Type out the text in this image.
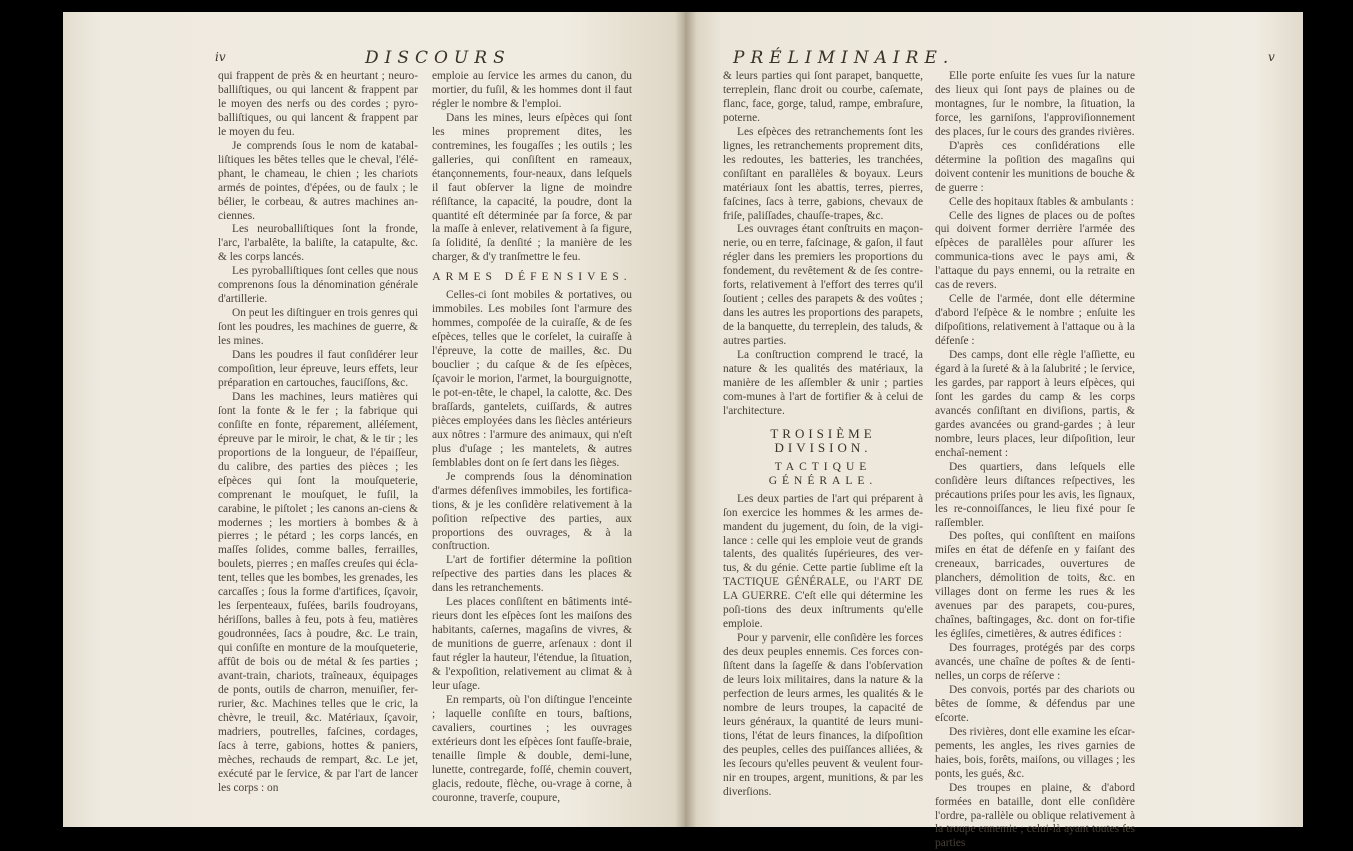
iv	DISCOURS

qui frappent de près & en heurtant ; neuro-balliſtiques, ou qui lancent & frappent par le moyen des nerfs ou des cordes ; pyro-balliſtiques, ou qui lancent & frappent par le moyen du feu.

Je comprends ſous le nom de katabal-liſtiques les bêtes telles que le cheval, l'élé-phant, le chameau, le chien ; les chariots armés de pointes, d'épées, ou de faulx ; le bélier, le corbeau, & autres machines an-ciennes.

Les neuroballiſtiques ſont la fronde, l'arc, l'arbalête, la baliſte, la catapulte, &c. & les corps lancés.

Les pyroballiſtiques ſont celles que nous comprenons ſous la dénomination générale d'artillerie.

On peut les diſtinguer en trois genres qui ſont les poudres, les machines de guerre, & les mines.

Dans les poudres il faut conſidérer leur compoſition, leur épreuve, leurs effets, leur préparation en cartouches, fauciſſons, &c.

Dans les machines, leurs matières qui ſont la fonte & le fer ; la fabrique qui conſiſte en fonte, réparement, alléſement, épreuve par le miroir, le chat, & le tir ; les proportions de la longueur, de l'épaiſſeur, du calibre, des parties des pièces ; les eſpèces qui ſont la mouſqueterie, comprenant le mouſquet, le fuſil, la carabine, le piſtolet ; les canons an-ciens & modernes ; les mortiers à bombes & à pierres ; le pétard ; les corps lancés, en maſſes ſolides, comme balles, ferrailles, boulets, pierres ; en maſſes creuſes qui écla-tent, telles que les bombes, les grenades, les carcaſſes ; ſous la forme d'artifices, ſçavoir, les ſerpenteaux, fuſées, barils foudroyans, hériſſons, balles à feu, pots à feu, matières goudronnées, ſacs à poudre, &c. Le train, qui conſiſte en monture de la mouſqueterie, affût de bois ou de métal & ſes parties ; avant-train, chariots, traîneaux, équipages de ponts, outils de charron, menuiſier, fer-rurier, &c. Machines telles que le cric, la chèvre, le treuil, &c. Matériaux, ſçavoir, madriers, poutrelles, faſcines, cordages, ſacs à terre, gabions, hottes & paniers, mèches, rechauds de rempart, &c. Le jet, exécuté par le ſervice, & par l'art de lancer les corps : on

emploie au ſervice les armes du canon, du mortier, du fuſil, & les hommes dont il faut régler le nombre & l'emploi.

Dans les mines, leurs eſpèces qui ſont les mines proprement dites, les contremines, les fougaſſes ; les outils ; les galleries, qui conſiſtent en rameaux, étançonnements, four-neaux, dans leſquels il faut obſerver la ligne de moindre réſiſtance, la capacité, la poudre, dont la quantité eſt déterminée par ſa force, & par la maſſe à enlever, relativement à ſa figure, ſa ſolidité, ſa denſité ; la manière de les charger, & d'y tranſmettre le feu.

ARMES DÉFENSIVES.

Celles-ci ſont mobiles & portatives, ou immobiles. Les mobiles ſont l'armure des hommes, compoſée de la cuiraſſe, & de ſes eſpèces, telles que le corſelet, la cuiraſſe à l'épreuve, la cotte de mailles, &c. Du bouclier ; du caſque & de ſes eſpèces, ſçavoir le morion, l'armet, la bourguignotte, le pot-en-tête, le chapel, la calotte, &c. Des braſſards, gantelets, cuiſſards, & autres pièces employées dans les ſiècles antérieurs aux nôtres : l'armure des animaux, qui n'eſt plus d'uſage ; les mantelets, & autres ſemblables dont on ſe ſert dans les ſièges.

Je comprends ſous la dénomination d'armes défenſives immobiles, les fortifica-tions, & je les conſidère relativement à la poſition reſpective des parties, aux proportions des ouvrages, & à la conſtruction.

L'art de fortifier détermine la poſition reſpective des parties dans les places & dans les retranchements.

Les places conſiſtent en bâtiments inté-rieurs dont les eſpèces ſont les maiſons des habitants, caſernes, magaſins de vivres, & de munitions de guerre, arſenaux : dont il faut régler la hauteur, l'étendue, la ſituation, & l'expoſition, relativement au climat & à leur uſage.

En remparts, où l'on diſtingue l'enceinte ; laquelle conſiſte en tours, baſtions, cavaliers, courtines ; les ouvrages extérieurs dont les eſpèces ſont fauſſe-braie, tenaille ſimple & double, demi-lune, lunette, contregarde, foſſé, chemin couvert, glacis, redoute, flèche, ou-vrage à corne, à couronne, traverſe, coupure,

PRÉLIMINAIRE.	v

& leurs parties qui ſont parapet, banquette, terreplein, flanc droit ou courbe, caſemate, flanc, face, gorge, talud, rampe, embraſure, poterne.

Les eſpèces des retranchements ſont les lignes, les retranchements proprement dits, les redoutes, les batteries, les tranchées, conſiſtant en parallèles & boyaux. Leurs matériaux ſont les abattis, terres, pierres, faſcines, ſacs à terre, gabions, chevaux de friſe, paliſſades, chauſſe-trapes, &c.

Les ouvrages étant conſtruits en maçon-nerie, ou en terre, faſcinage, & gaſon, il faut régler dans les premiers les proportions du fondement, du revêtement & de ſes contre-forts, relativement à l'effort des terres qu'il ſoutient ; celles des parapets & des voûtes ; dans les autres les proportions des parapets, de la banquette, du terreplein, des taluds, & autres parties.

La conſtruction comprend le tracé, la nature & les qualités des matériaux, la manière de les aſſembler & unir ; parties com-munes à l'art de fortifier & à celui de l'architecture.

TROISIÈME DIVISION.
TACTIQUE GÉNÉRALE.

Les deux parties de l'art qui préparent à ſon exercice les hommes & les armes de-mandent du jugement, du ſoin, de la vigi-lance : celle qui les emploie veut de grands talents, des qualités ſupérieures, des ver-tus, & du génie. Cette partie ſublime eſt la TACTIQUE GÉNÉRALE, ou l'ART DE LA GUERRE. C'eſt elle qui détermine les poſi-tions des deux inſtruments qu'elle emploie.

Pour y parvenir, elle conſidère les forces des deux peuples ennemis. Ces forces con-ſiſtent dans la ſageſſe & dans l'obſervation de leurs loix militaires, dans la nature & la perfection de leurs armes, les qualités & le nombre de leurs troupes, la capacité de leurs généraux, la quantité de leurs muni-tions, l'état de leurs finances, la diſpoſition des peuples, celles des puiſſances alliées, & les ſecours qu'elles peuvent & veulent four-nir en troupes, argent, munitions, & par les diverſions.

Elle porte enſuite ſes vues ſur la nature des lieux qui ſont pays de plaines ou de montagnes, ſur le nombre, la ſituation, la force, les garniſons, l'approviſionnement des places, ſur le cours des grandes rivières.

D'après ces conſidérations elle détermine la poſition des magaſins qui doivent contenir les munitions de bouche & de guerre :

Celle des hopitaux ſtables & ambulants :

Celle des lignes de places ou de poſtes qui doivent former derrière l'armée des eſpèces de parallèles pour aſſurer les communica-tions avec le pays ami, & l'attaque du pays ennemi, ou la retraite en cas de revers.

Celle de l'armée, dont elle détermine d'abord l'eſpèce & le nombre ; enſuite les diſpoſitions, relativement à l'attaque ou à la défenſe :

Des camps, dont elle règle l'aſſiette, eu égard à la ſureté & à la ſalubrité ; le ſervice, les gardes, par rapport à leurs eſpèces, qui ſont les gardes du camp & les corps avancés conſiſtant en diviſions, partis, & gardes avancées ou grand-gardes ; à leur nombre, leurs places, leur diſpoſition, leur enchaî-nement :

Des quartiers, dans leſquels elle conſidère leurs diſtances reſpectives, les précautions priſes pour les avis, les ſignaux, les re-connoiſſances, le lieu fixé pour ſe raſſembler.

Des poſtes, qui conſiſtent en maiſons miſes en état de défenſe en y faiſant des creneaux, barricades, ouvertures de planchers, démolition de toits, &c. en villages dont on ferme les rues & les avenues par des parapets, cou-pures, chaînes, baſtingages, &c. dont on for-tifie les égliſes, cimetières, & autres édifices :

Des fourrages, protégés par des corps avancés, une chaîne de poſtes & de ſenti-nelles, un corps de réſerve :

Des convois, portés par des chariots ou bêtes de ſomme, & défendus par une eſcorte.

Des rivières, dont elle examine les eſcar-pements, les angles, les rives garnies de haies, bois, forêts, maiſons, ou villages ; les ponts, les gués, &c.

Des troupes en plaine, & d'abord formées en bataille, dont elle conſidère l'ordre, pa-rallèle ou oblique relativement à la troupe ennemie ; celui-là ayant toutes ſes parties
